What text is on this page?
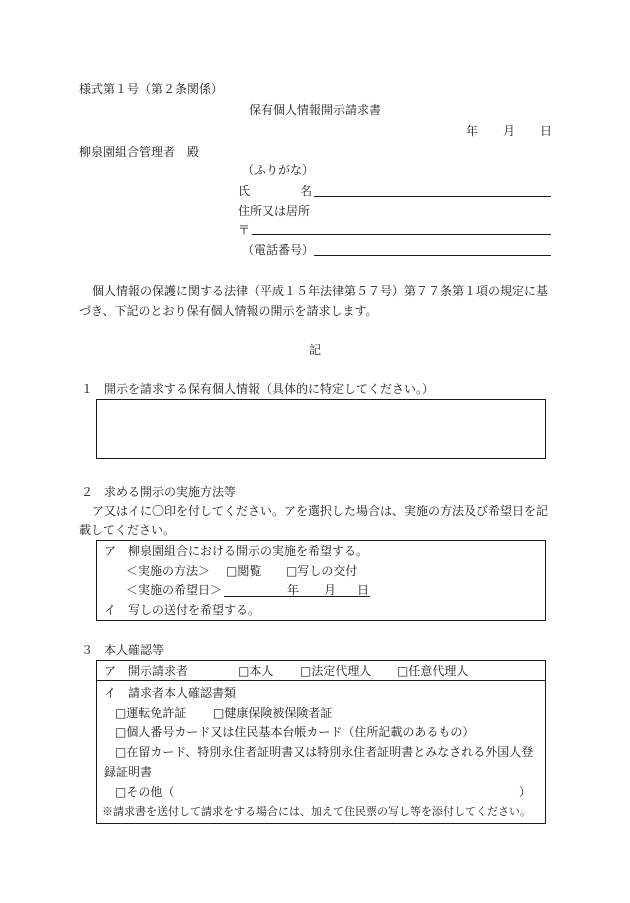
様式第１号（第２条関係）
保有個人情報開示請求書
年 月 日
柳泉園組合管理者　殿
（ふりがな）
氏	名
住所又は居所
〒
（電話番号）
個人情報の保護に関する法律（平成１５年法律第５７号）第７７条第１項の規定に基
づき、下記のとおり保有個人情報の開示を請求します。
記
１ 開示を請求する保有個人情報（具体的に特定してください。）
２ 求める開示の実施方法等
ア又はイに〇印を付してください。アを選択した場合は、実施の方法及び希望日を記
載してください。
ア　柳泉園組合における開示の実施を希望する。
＜実施の方法＞ □閲覧 □写しの交付
＜実施の希望日＞	年 月 日
イ　写しの送付を希望する。
３ 本人確認等
ア　開示請求者	□本人 □法定代理人 □任意代理人
イ　請求者本人確認書類
□運転免許証 □健康保険被保険者証
□個人番号カード又は住民基本台帳カード（住所記載のあるもの）
□在留カード、特別永住者証明書又は特別永住者証明書とみなされる外国人登
録証明書
□その他（	）
※請求書を送付して請求をする場合には、加えて住民票の写し等を添付してください。
